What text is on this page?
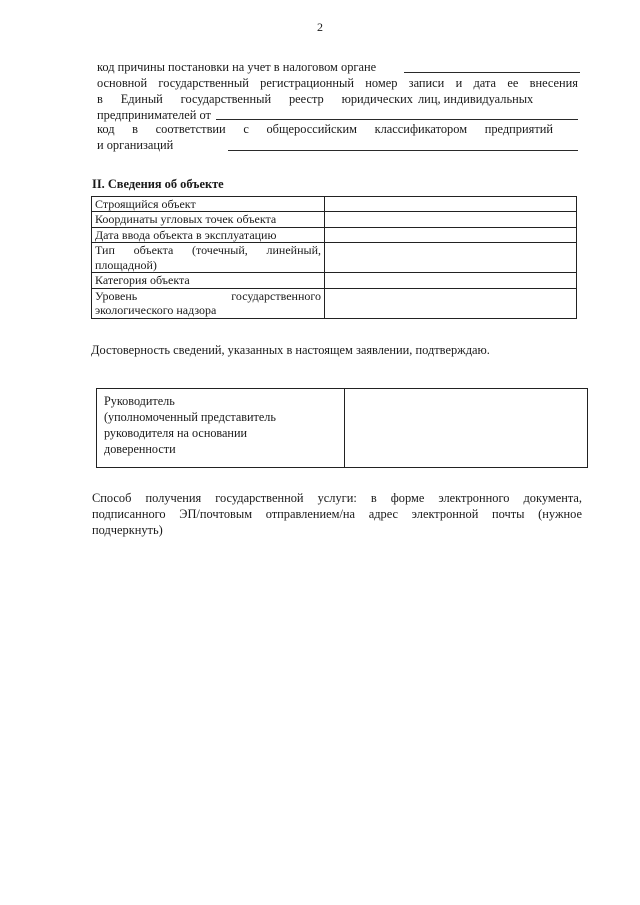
2
код причины постановки на учет в налоговом органе
основной государственный регистрационный номер записи и дата ее внесения
в Единый государственный реестр юридических лиц, индивидуальных
предпринимателей от
код в соответствии с общероссийским классификатором предприятий
и организаций
II. Сведения об объекте
Строящийся объект	
Координаты угловых точек объекта	
Дата ввода объекта в эксплуатацию	

Тип объекта (точечный, линейный,
площадной)	
Категория объекта	

Уровень государственного
экологического надзора	
Достоверность сведений, указанных в настоящем заявлении, подтверждаю.
Руководитель
(уполномоченный представитель
руководителя на основании
доверенности
Способ получения государственной услуги: в форме электронного документа,
подписанного ЭП/почтовым отправлением/на адрес электронной почты (нужное
подчеркнуть)
